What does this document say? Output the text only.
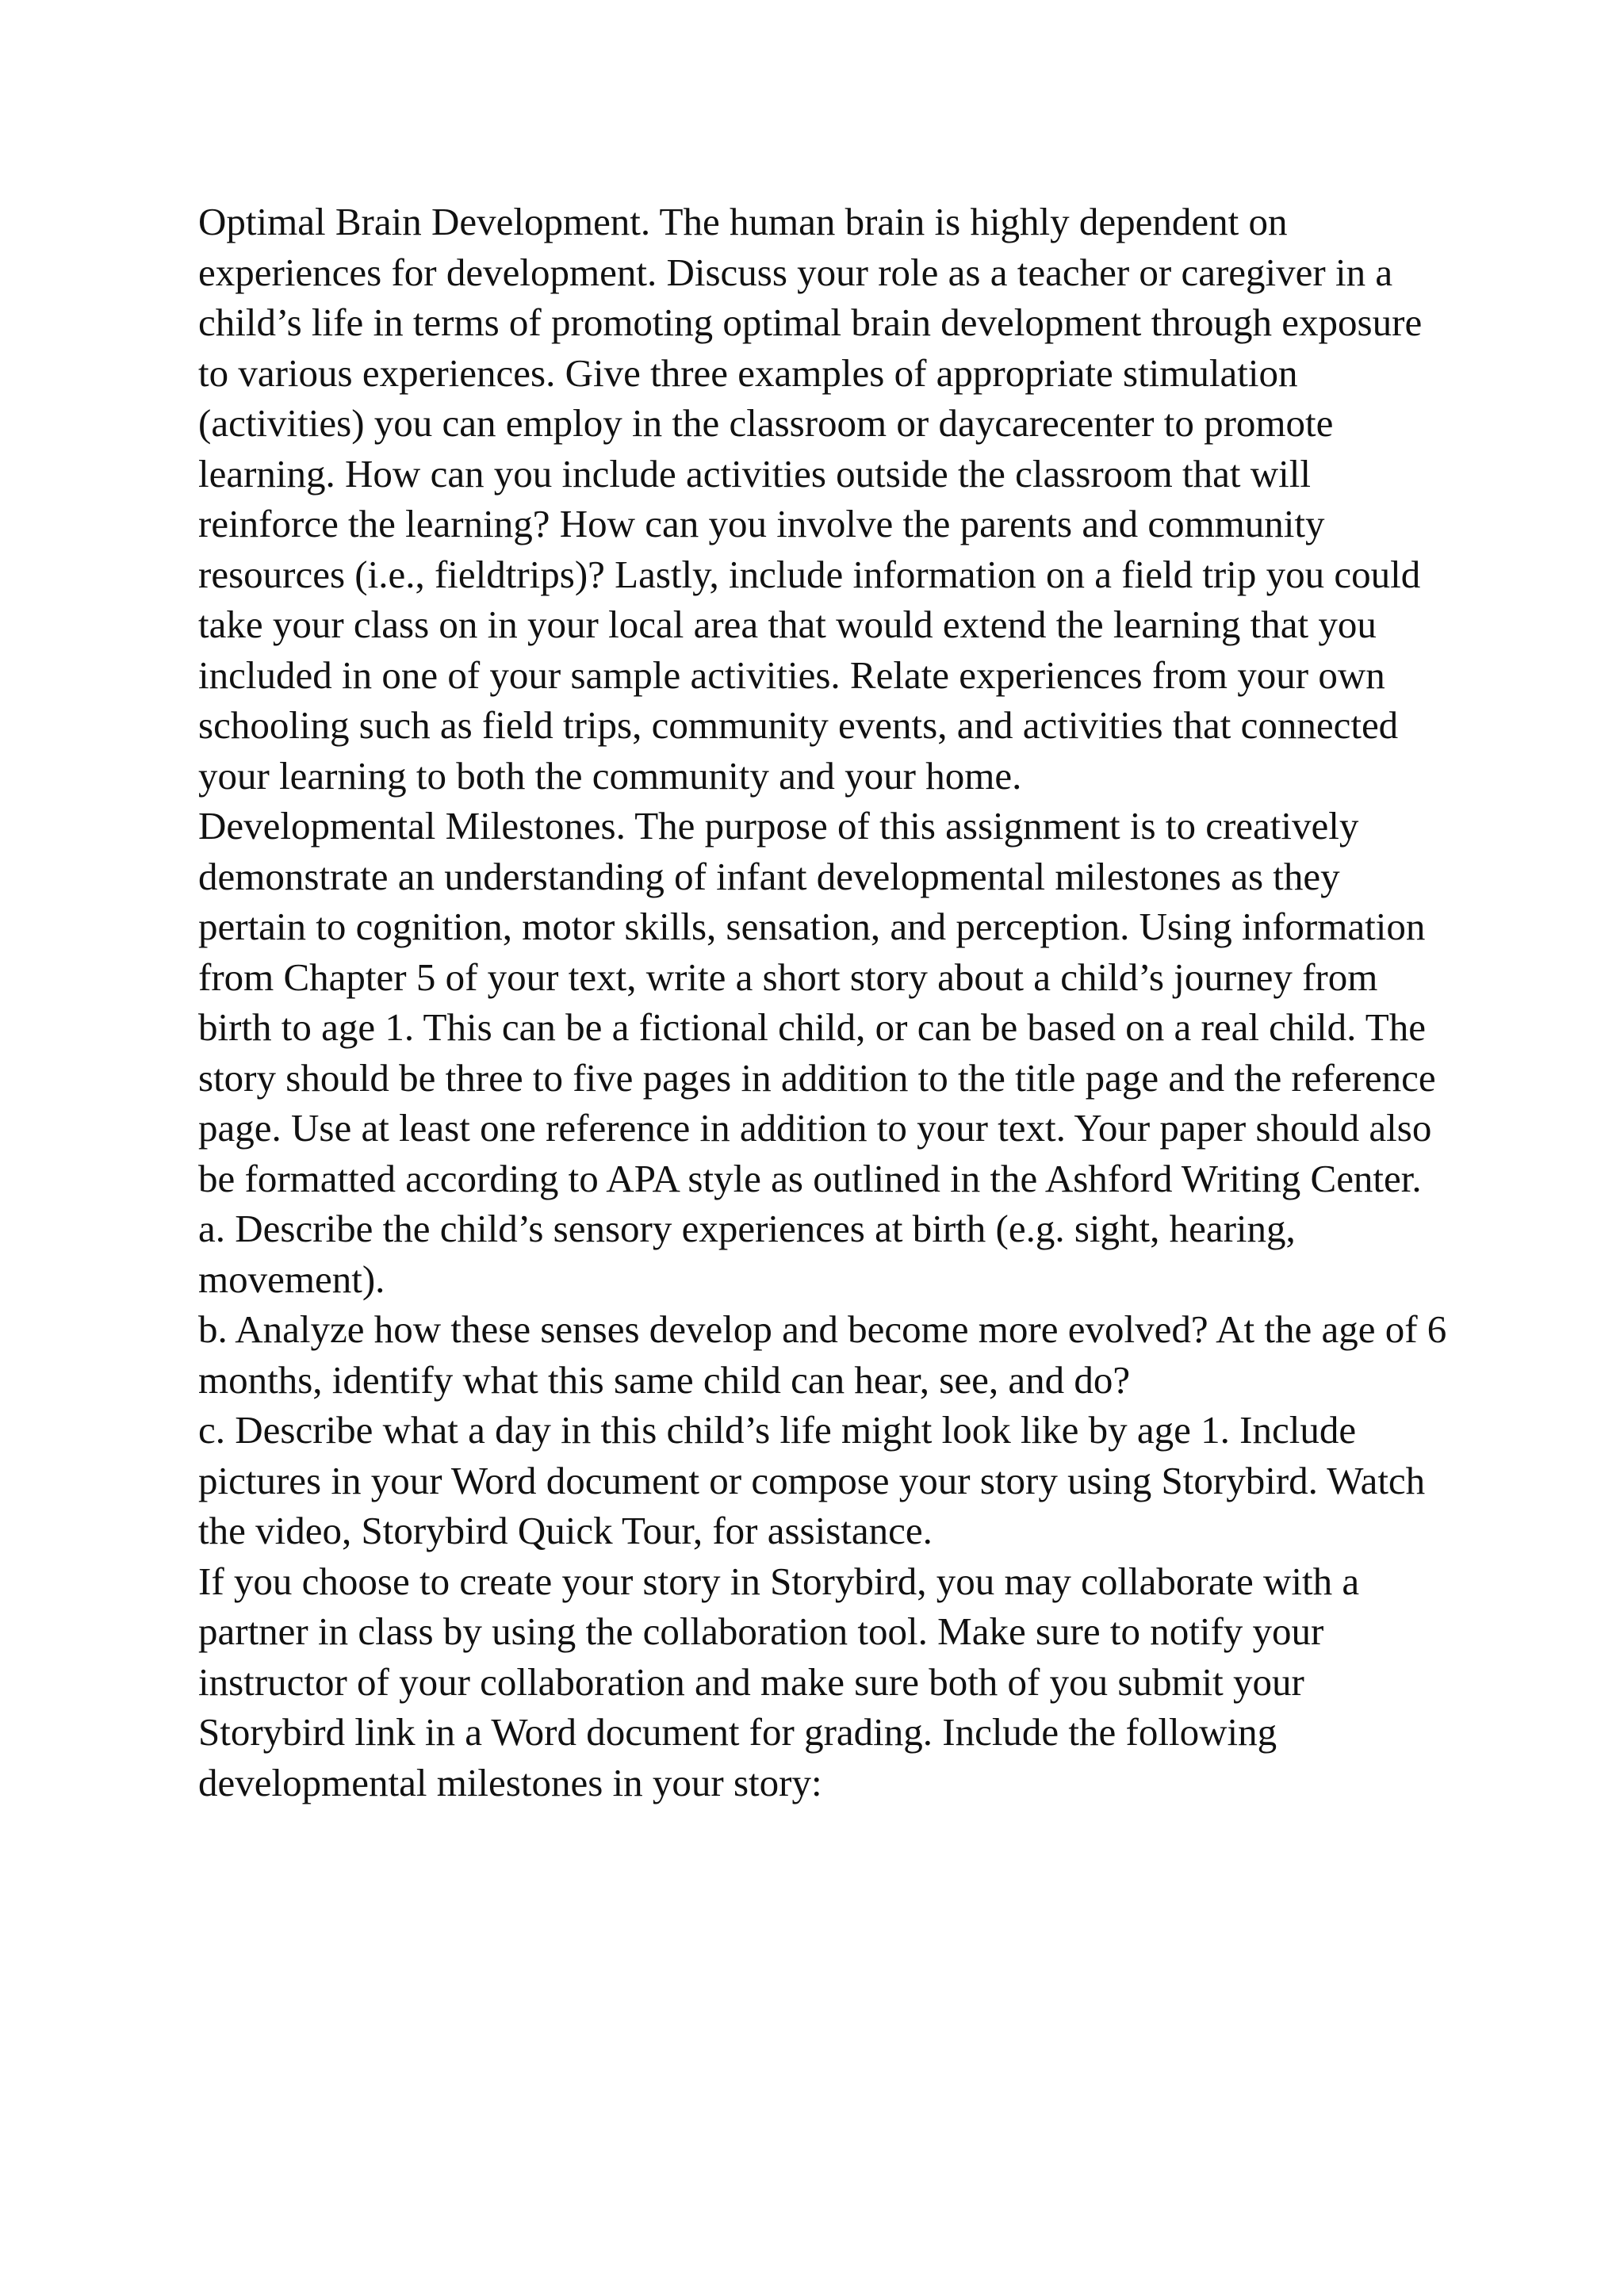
Optimal Brain Development. The human brain is highly dependent on experiences for development. Discuss your role as a teacher or caregiver in a child’s life in terms of promoting optimal brain development through exposure to various experiences. Give three examples of appropriate stimulation (activities) you can employ in the classroom or daycarecenter to promote learning. How can you include activities outside the classroom that will reinforce the learning? How can you involve the parents and community resources (i.e., fieldtrips)? Lastly, include information on a field trip you could take your class on in your local area that would extend the learning that you included in one of your sample activities. Relate experiences from your own schooling such as field trips, community events, and activities that connected your learning to both the community and your home.

Developmental Milestones. The purpose of this assignment is to creatively demonstrate an understanding of infant developmental milestones as they pertain to cognition, motor skills, sensation, and perception. Using information from Chapter 5 of your text, write a short story about a child’s journey from birth to age 1. This can be a fictional child, or can be based on a real child. The story should be three to five pages in addition to the title page and the reference page. Use at least one reference in addition to your text. Your paper should also be formatted according to APA style as outlined in the Ashford Writing Center.

a. Describe the child’s sensory experiences at birth (e.g. sight, hearing, movement).

b. Analyze how these senses develop and become more evolved? At the age of 6 months, identify what this same child can hear, see, and do?

c. Describe what a day in this child’s life might look like by age 1. Include pictures in your Word document or compose your story using Storybird. Watch the video, Storybird Quick Tour, for assistance.

If you choose to create your story in Storybird, you may collaborate with a partner in class by using the collaboration tool. Make sure to notify your instructor of your collaboration and make sure both of you submit your Storybird link in a Word document for grading. Include the following developmental milestones in your story:
